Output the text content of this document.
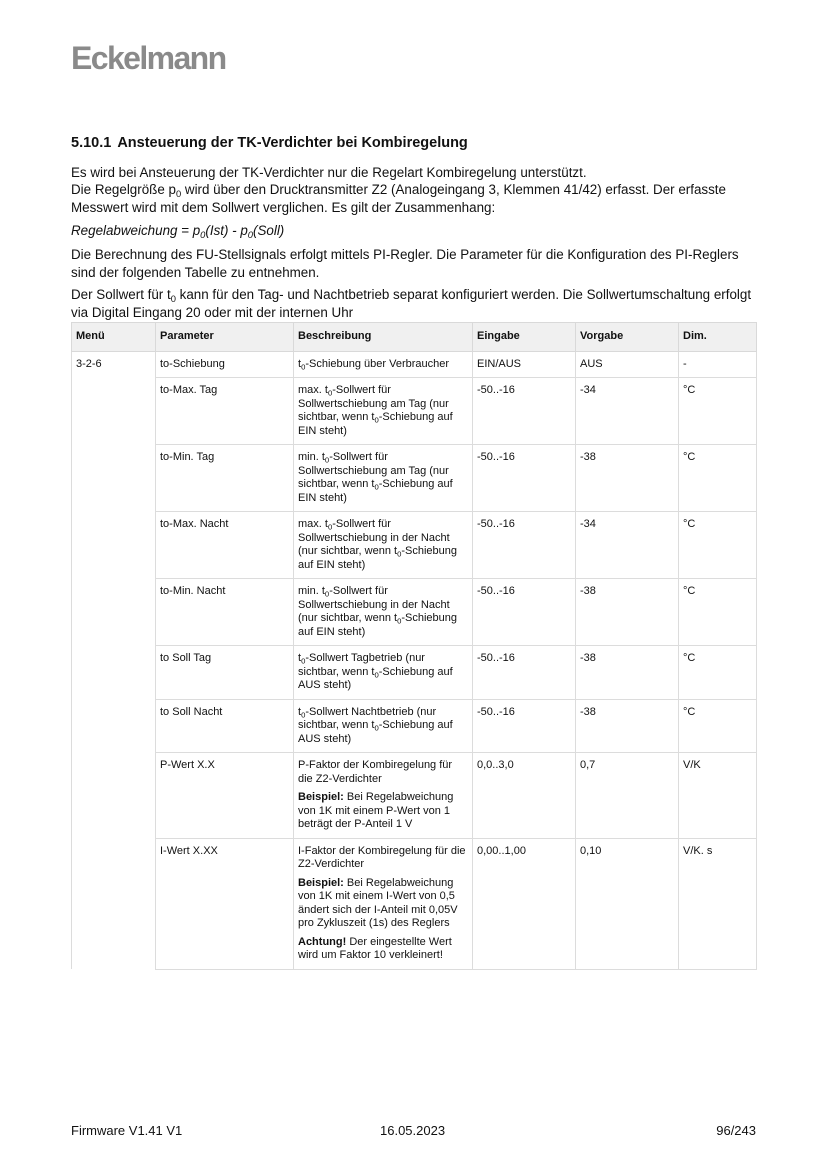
Eckelmann
5.10.1 Ansteuerung der TK-Verdichter bei Kombiregelung

Es wird bei Ansteuerung der TK-Verdichter nur die Regelart Kombiregelung unterstützt.

Die Regelgröße $p_0$ wird über den Drucktransmitter Z2 (Analogeingang 3, Klemmen 41/42) erfasst. Der erfasste Messwert wird mit dem Sollwert verglichen. Es gilt der Zusammenhang:

Regelabweichung = $p_0(Ist)$ - $p_0(Soll)$

Die Berechnung des FU-Stellsignals erfolgt mittels PI-Regler. Die Parameter für die Konfiguration des PI-Reglers sind der folgenden Tabelle zu entnehmen.

Der Sollwert für $t_0$ kann für den Tag- und Nachtbetrieb separat konfiguriert werden. Die Sollwertumschaltung erfolgt via Digital Eingang 20 oder mit der internen Uhr

Menü	Parameter	Beschreibung	Eingabe	Vorgabe	Dim.
3-2-6	to-Schiebung	$t_0$-Schiebung über Verbraucher	EIN/AUS	AUS	-
	to-Max. Tag	max. $t_0$-Sollwert für Sollwertschiebung am Tag (nur sichtbar, wenn $t_0$-Schiebung auf EIN steht)	-50..-16	-34	°C
	to-Min. Tag	min. $t_0$-Sollwert für Sollwertschiebung am Tag (nur sichtbar, wenn $t_0$-Schiebung auf EIN steht)	-50..-16	-38	°C
	to-Max. Nacht	max. $t_0$-Sollwert für Sollwertschiebung in der Nacht (nur sichtbar, wenn $t_0$-Schiebung auf EIN steht)	-50..-16	-34	°C
	to-Min. Nacht	min. $t_0$-Sollwert für Sollwertschiebung in der Nacht (nur sichtbar, wenn $t_0$-Schiebung auf EIN steht)	-50..-16	-38	°C
	to Soll Tag	$t_0$-Sollwert Tagbetrieb (nur sichtbar, wenn $t_0$-Schiebung auf AUS steht)	-50..-16	-38	°C
	to Soll Nacht	$t_0$-Sollwert Nachtbetrieb (nur sichtbar, wenn $t_0$-Schiebung auf AUS steht)	-50..-16	-38	°C
	P-Wert X.X	P-Faktor der Kombiregelung für die Z2-Verdichter

Beispiel: Bei Regelabweichung von 1K mit einem P-Wert von 1 beträgt der P-Anteil 1 V	0,0..3,0	0,7	V/K
	I-Wert X.XX	I-Faktor der Kombiregelung für die Z2-Verdichter

Beispiel: Bei Regelabweichung von 1K mit einem I-Wert von 0,5 ändert sich der I-Anteil mit 0,05V pro Zykluszeit (1s) des Reglers

Achtung! Der eingestellte Wert wird um Faktor 10 verkleinert!	0,00..1,00	0,10	V/K. s
Firmware V1.41 V1	16.05.2023	96/243
